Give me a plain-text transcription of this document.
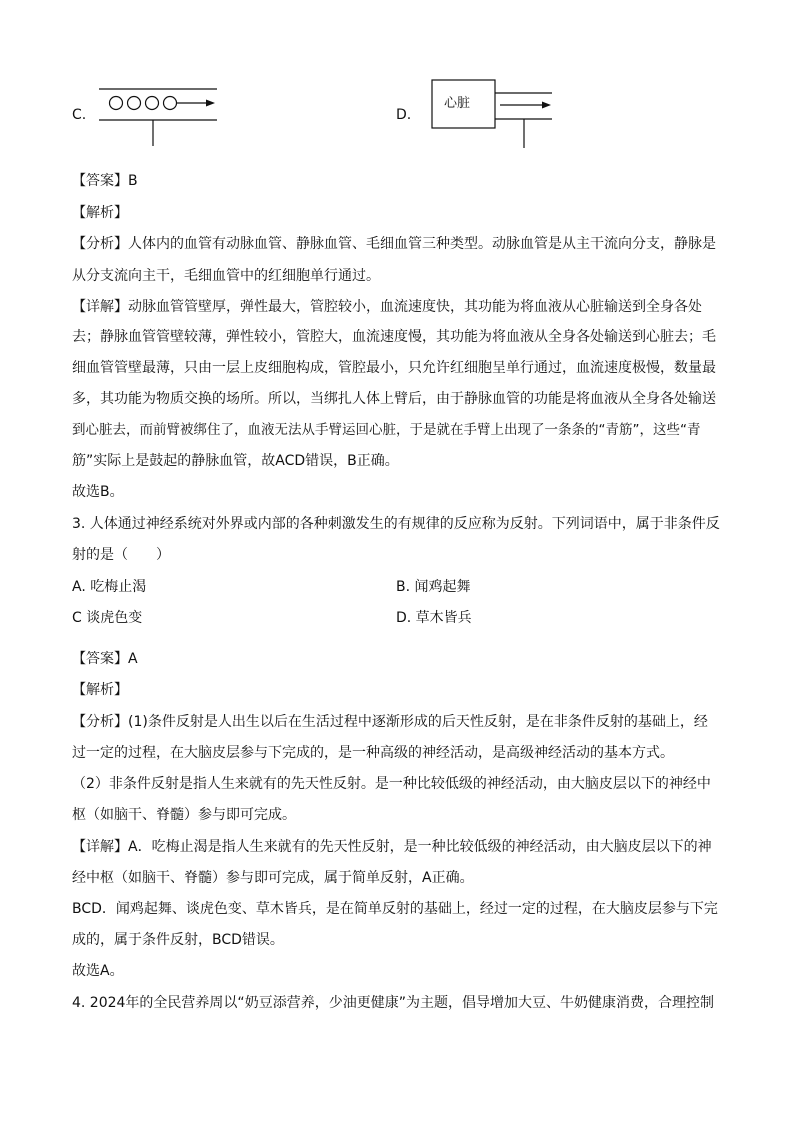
C.	D.
心脏
【答案】B
【解析】
【分析】人体内的血管有动脉血管、静脉血管、毛细血管三种类型。动脉血管是从主干流向分支，静脉是
从分支流向主干，毛细血管中的红细胞单行通过。
【详解】动脉血管管壁厚，弹性最大，管腔较小，血流速度快，其功能为将血液从心脏输送到全身各处
去；静脉血管管壁较薄，弹性较小，管腔大，血流速度慢，其功能为将血液从全身各处输送到心脏去；毛
细血管管壁最薄，只由一层上皮细胞构成，管腔最小，只允许红细胞呈单行通过，血流速度极慢，数量最
多，其功能为物质交换的场所。所以，当绑扎人体上臂后，由于静脉血管的功能是将血液从全身各处输送
到心脏去，而前臂被绑住了，血液无法从手臂运回心脏，于是就在手臂上出现了一条条的“青筋”，这些“青
筋”实际上是鼓起的静脉血管，故ACD错误，B正确。
故选B。
3. 人体通过神经系统对外界或内部的各种刺激发生的有规律的反应称为反射。下列词语中，属于非条件反
射的是（　　）
A. 吃梅止渴	B. 闻鸡起舞
C 谈虎色变	D. 草木皆兵
【答案】A
【解析】
【分析】(1)条件反射是人出生以后在生活过程中逐渐形成的后天性反射，是在非条件反射的基础上，经
过一定的过程，在大脑皮层参与下完成的，是一种高级的神经活动，是高级神经活动的基本方式。
（2）非条件反射是指人生来就有的先天性反射。是一种比较低级的神经活动，由大脑皮层以下的神经中
枢（如脑干、脊髓）参与即可完成。
【详解】A．吃梅止渴是指人生来就有的先天性反射，是一种比较低级的神经活动，由大脑皮层以下的神
经中枢（如脑干、脊髓）参与即可完成，属于简单反射，A正确。
BCD．闻鸡起舞、谈虎色变、草木皆兵，是在简单反射的基础上，经过一定的过程，在大脑皮层参与下完
成的，属于条件反射，BCD错误。
故选A。
4. 2024年的全民营养周以“奶豆添营养，少油更健康”为主题，倡导增加大豆、牛奶健康消费，合理控制
